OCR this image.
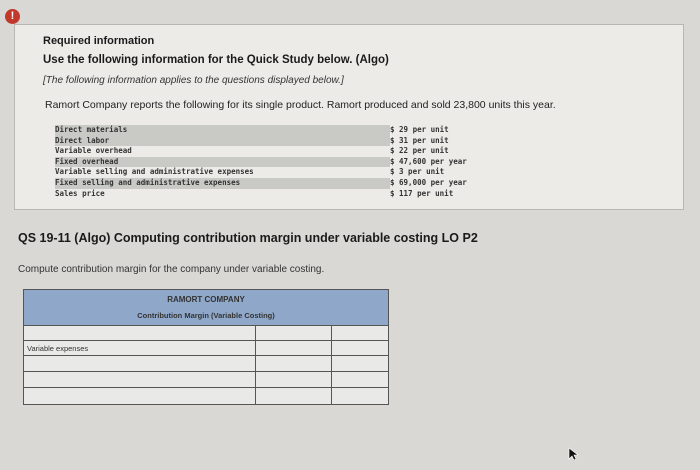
!
Required information
Use the following information for the Quick Study below. (Algo)
[The following information applies to the questions displayed below.]
Ramort Company reports the following for its single product. Ramort produced and sold 23,800 units this year.
Direct materials	$ 29 per unit
Direct labor	$ 31 per unit
Variable overhead	$ 22 per unit
Fixed overhead	$ 47,600 per year
Variable selling and administrative expenses	$ 3 per unit
Fixed selling and administrative expenses	$ 69,000 per year
Sales price	$ 117 per unit
QS 19-11 (Algo) Computing contribution margin under variable costing LO P2
Compute contribution margin for the company under variable costing.
RAMORT COMPANY
Contribution Margin (Variable Costing)
Variable expenses
